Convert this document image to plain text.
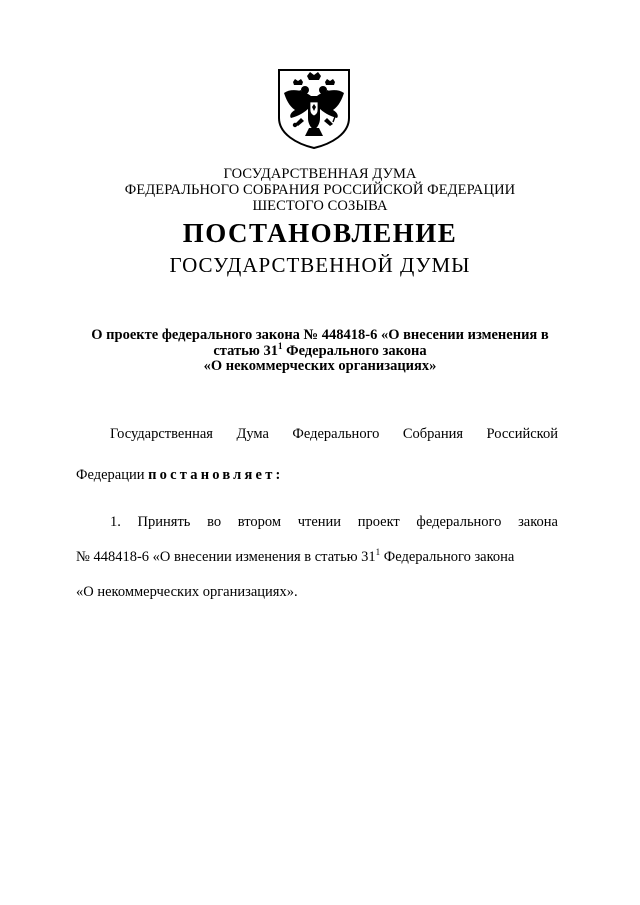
ГОСУДАРСТВЕННАЯ ДУМА
ФЕДЕРАЛЬНОГО СОБРАНИЯ РОССИЙСКОЙ ФЕДЕРАЦИИ
ШЕСТОГО СОЗЫВА
ПОСТАНОВЛЕНИЕ
ГОСУДАРСТВЕННОЙ ДУМЫ
О проекте федерального закона № 448418-6 «О внесении изменения в
статью $31^1$ Федерального закона
«О некоммерческих организациях»
Государственная Дума Федерального Собрания Российской
Федерации постановляет:
1. Принять во втором чтении проект федерального закона
№ 448418-6 «О внесении изменения в статью $31^1$ Федерального закона
«О некоммерческих организациях».
